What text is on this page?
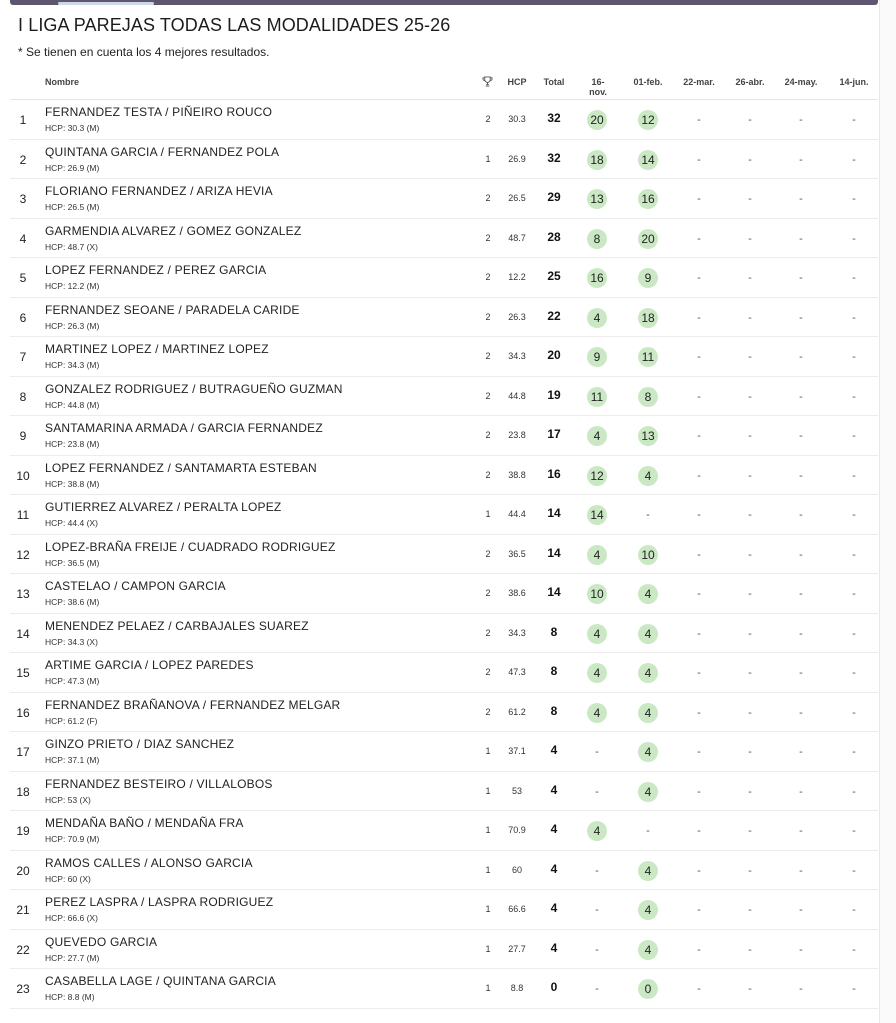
I LIGA PAREJAS TODAS LAS MODALIDADES 25-26
* Se tienen en cuenta los 4 mejores resultados.
Nombre	HCP	Total	16-nov.
01-feb. 22-mar. 26-abr. 24-may. 14-jun.
1
FERNANDEZ TESTA / PIÑEIRO ROUCO
HCP: 30.3 (M)
2	30.3	32	20	12	-	-	-	-
2
QUINTANA GARCIA / FERNANDEZ POLA
HCP: 26.9 (M)
1	26.9	32	18	14	-	-	-	-
3
FLORIANO FERNANDEZ / ARIZA HEVIA
HCP: 26.5 (M)
2	26.5	29	13	16	-	-	-	-
4
GARMENDIA ALVAREZ / GOMEZ GONZALEZ
HCP: 48.7 (X)
2	48.7	28	8	20	-	-	-	-
5
LOPEZ FERNANDEZ / PEREZ GARCIA
HCP: 12.2 (M)
2	12.2	25	16	9	-	-	-	-
6
FERNANDEZ SEOANE / PARADELA CARIDE
HCP: 26.3 (M)
2	26.3	22	4	18	-	-	-	-
7
MARTINEZ LOPEZ / MARTINEZ LOPEZ
HCP: 34.3 (M)
2	34.3	20	9	11	-	-	-	-
8
GONZALEZ RODRIGUEZ / BUTRAGUEÑO GUZMAN
HCP: 44.8 (M)
2	44.8	19	11	8	-	-	-	-
9
SANTAMARINA ARMADA / GARCIA FERNANDEZ
HCP: 23.8 (M)
2	23.8	17	4	13	-	-	-	-
10
LOPEZ FERNANDEZ / SANTAMARTA ESTEBAN
HCP: 38.8 (M)
2	38.8	16	12	4	-	-	-	-
11
GUTIERREZ ALVAREZ / PERALTA LOPEZ
HCP: 44.4 (X)
1	44.4	14	14	-	-	-	-	-
12
LOPEZ-BRAÑA FREIJE / CUADRADO RODRIGUEZ
HCP: 36.5 (M)
2	36.5	14	4	10	-	-	-	-
13
CASTELAO / CAMPON GARCIA
HCP: 38.6 (M)
2	38.6	14	10	4	-	-	-	-
14
MENENDEZ PELAEZ / CARBAJALES SUAREZ
HCP: 34.3 (X)
2	34.3	8	4	4	-	-	-	-
15
ARTIME GARCIA / LOPEZ PAREDES
HCP: 47.3 (M)
2	47.3	8	4	4	-	-	-	-
16
FERNANDEZ BRAÑANOVA / FERNANDEZ MELGAR
HCP: 61.2 (F)
2	61.2	8	4	4	-	-	-	-
17
GINZO PRIETO / DIAZ SANCHEZ
HCP: 37.1 (M)
1	37.1	4	-	4	-	-	-	-
18
FERNANDEZ BESTEIRO / VILLALOBOS
HCP: 53 (X)
1	53	4	-	4	-	-	-	-
19
MENDAÑA BAÑO / MENDAÑA FRA
HCP: 70.9 (M)
1	70.9	4	4	-	-	-	-	-
20
RAMOS CALLES / ALONSO GARCIA
HCP: 60 (X)
1	60	4	-	4	-	-	-	-
21
PEREZ LASPRA / LASPRA RODRIGUEZ
HCP: 66.6 (X)
1	66.6	4	-	4	-	-	-	-
22
QUEVEDO GARCIA
HCP: 27.7 (M)
1	27.7	4	-	4	-	-	-	-
23
CASABELLA LAGE / QUINTANA GARCIA
HCP: 8.8 (M)
1	8.8	0	-	0	-	-	-	-
